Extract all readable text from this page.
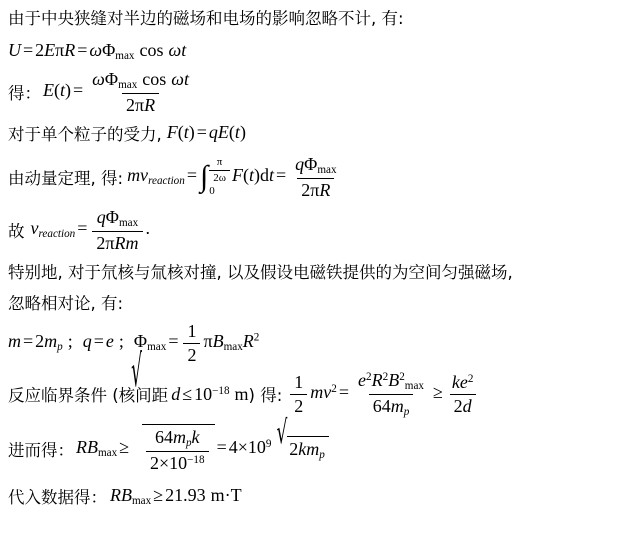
由于中央狭缝对半边的磁场和电场的影响忽略不计, 有:
$U = 2E\pi R = \omega\Phi_{max}$ cos ωt
得： $E(t) = \frac{\omega\Phi_{max} \cos \omega t}{2\pi R}$
对于单个粒子的受力, F(t) = qE(t)
由动量定理, 得: mvreaction = ∫ $\frac{\pi}{2\omega}$
0
$F(t)dt = \frac{q\Phi_{max}}{2\pi R}$
故 vreaction = $\frac{q\Phi_{max}}{\text{2πRm}}$ .
特别地, 对于氘核与氚核对撞, 以及假设电磁铁提供的为空间匀强磁场,
忽略相对论, 有:
m = 2mp ; q = e ; $\Phi_{max} = \frac{1}{2} \pi B_{max}R^2$
反应临界条件 (核间距 $d \le 10^{-18}$ m ) 得: $\frac{1}{2} mv^2 = \frac{e^2R^2B^2_{max}}{64mp} \ge \frac{ke^2}{2d}$
进而得： $RB_{max}$ ≥
√
$\frac{\text{64mpk}}{2\times 10^{-18}} = 4\times 10^9$ √ 2kmp
代入数据得： $RB_{max} \ge 21.93$ m·T
